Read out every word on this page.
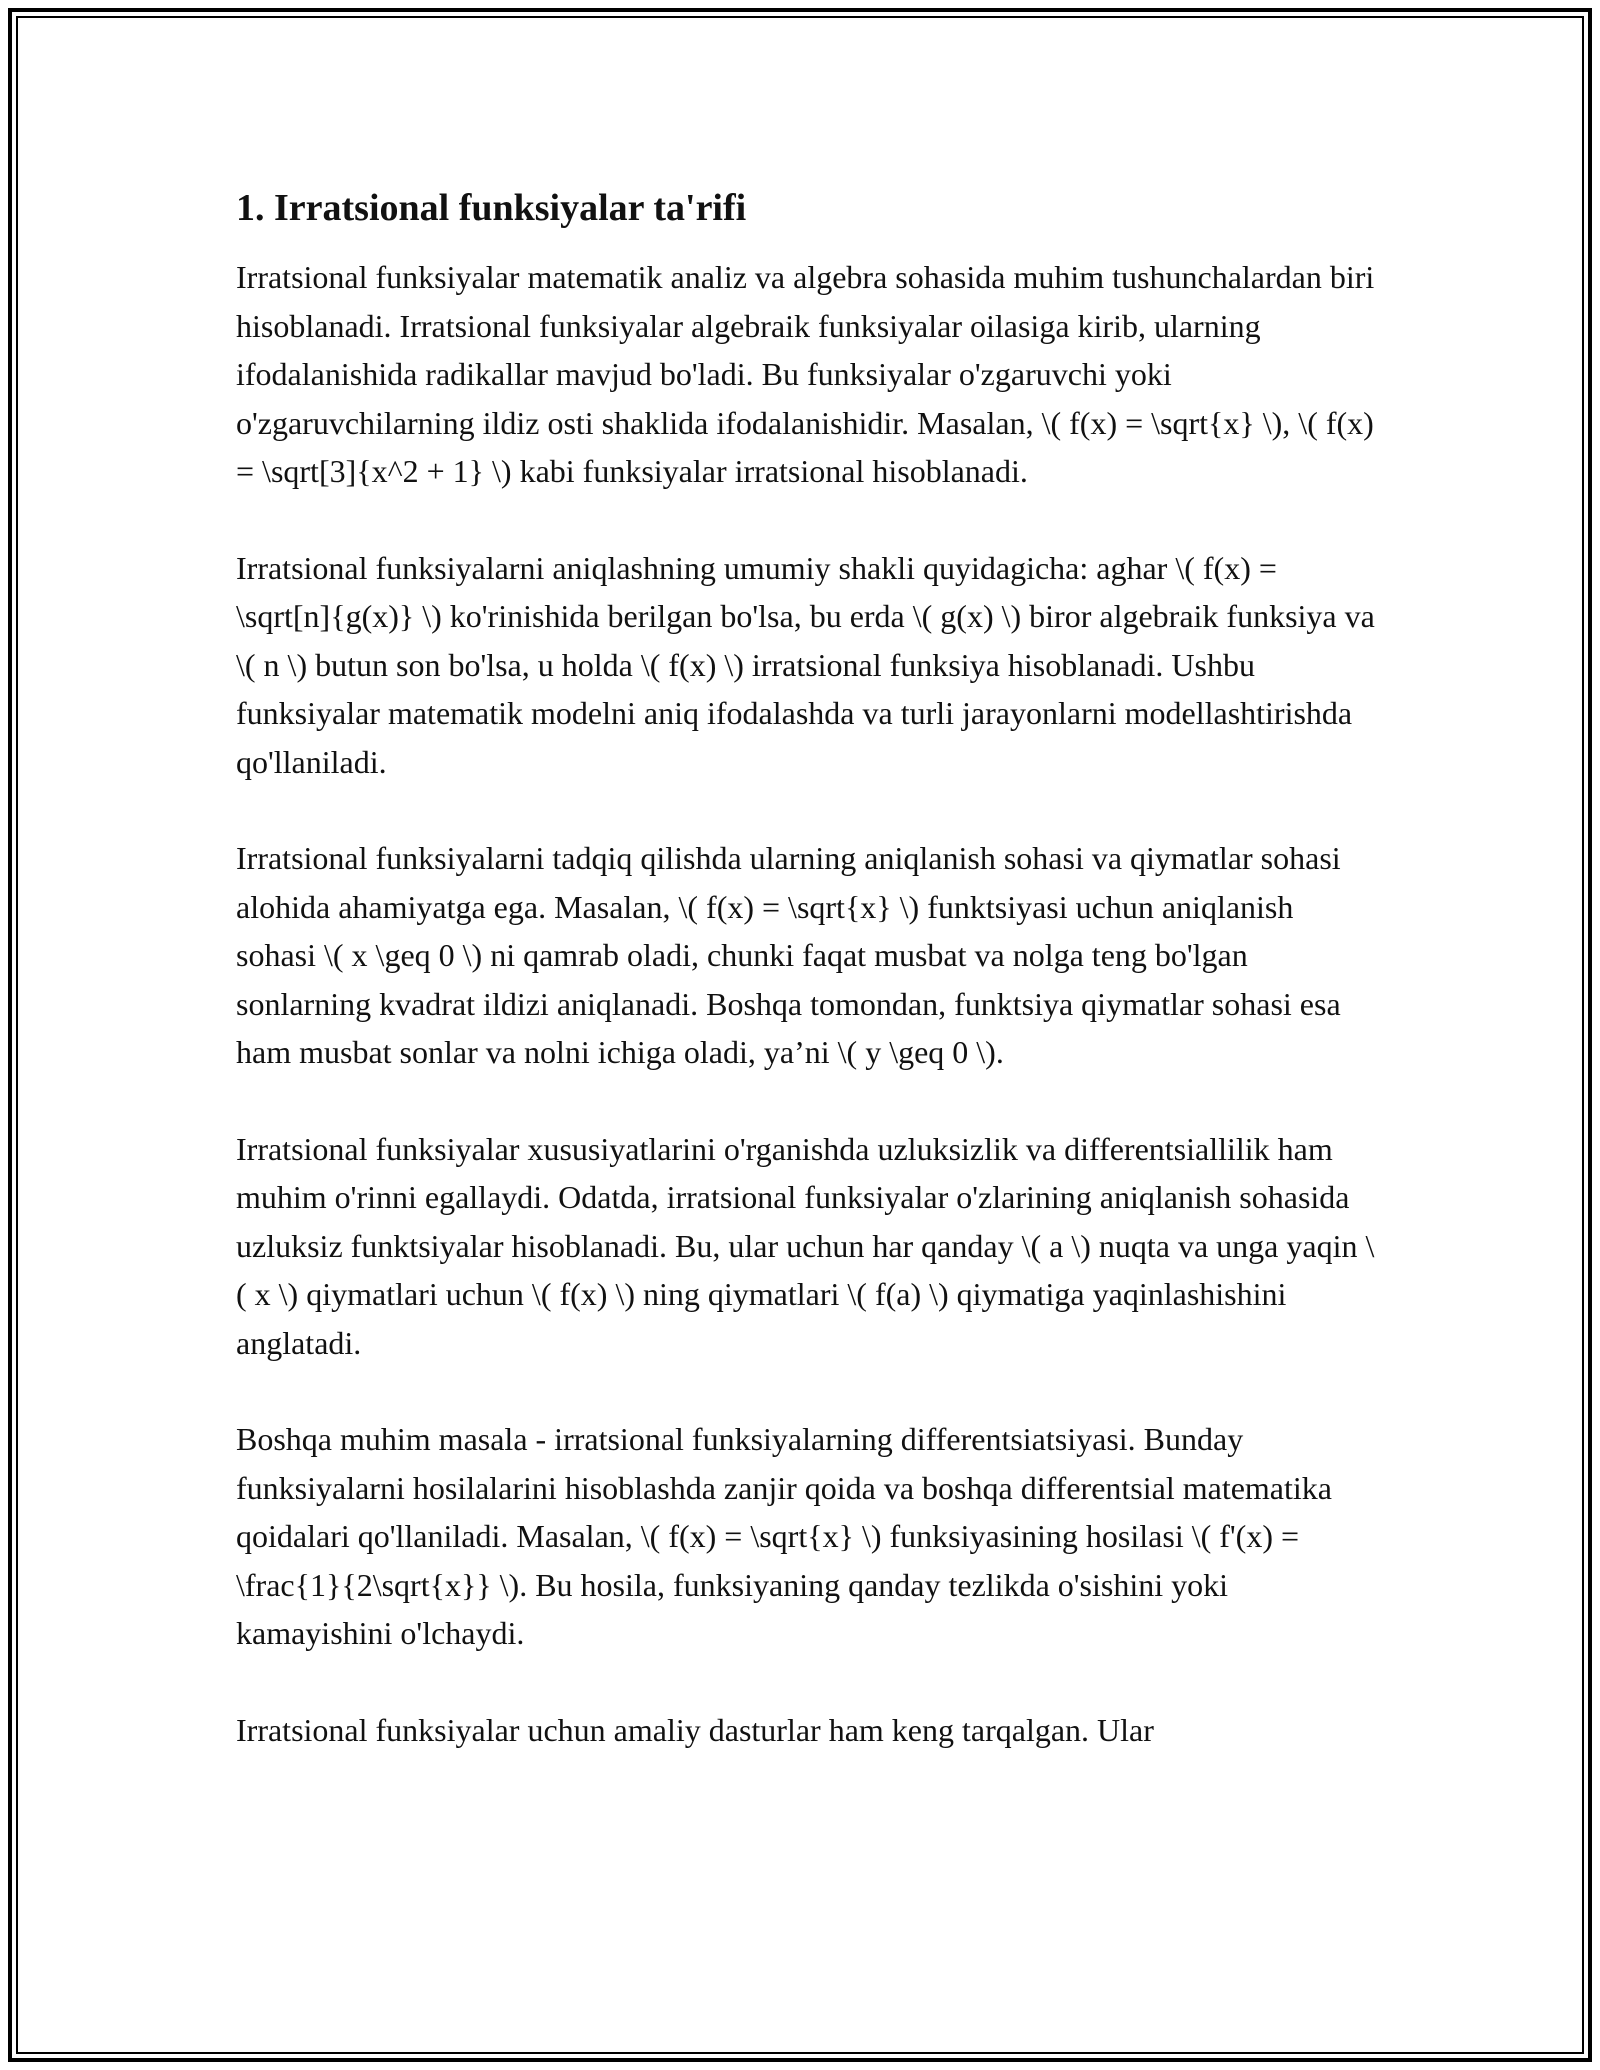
1. Irratsional funksiyalar ta'rifi

Irratsional funksiyalar matematik analiz va algebra sohasida muhim tushunchalardan biri hisoblanadi. Irratsional funksiyalar algebraik funksiyalar oilasiga kirib, ularning ifodalanishida radikallar mavjud bo'ladi. Bu funksiyalar o'zgaruvchi yoki o'zgaruvchilarning ildiz osti shaklida ifodalanishidir. Masalan, \( f(x) = \sqrt{x} \), \( f(x) = \sqrt[3]{x^2 + 1} \) kabi funksiyalar irratsional hisoblanadi.

Irratsional funksiyalarni aniqlashning umumiy shakli quyidagicha: aghar \( f(x) = \sqrt[n]{g(x)} \) ko'rinishida berilgan bo'lsa, bu erda \( g(x) \) biror algebraik funksiya va \( n \) butun son bo'lsa, u holda \( f(x) \) irratsional funksiya hisoblanadi. Ushbu funksiyalar matematik modelni aniq ifodalashda va turli jarayonlarni modellashtirishda qo'llaniladi.

Irratsional funksiyalarni tadqiq qilishda ularning aniqlanish sohasi va qiymatlar sohasi alohida ahamiyatga ega. Masalan, \( f(x) = \sqrt{x} \) funktsiyasi uchun aniqlanish sohasi \( x \geq 0 \) ni qamrab oladi, chunki faqat musbat va nolga teng bo'lgan sonlarning kvadrat ildizi aniqlanadi. Boshqa tomondan, funktsiya qiymatlar sohasi esa ham musbat sonlar va nolni ichiga oladi, ya’ni \( y \geq 0 \).

Irratsional funksiyalar xususiyatlarini o'rganishda uzluksizlik va differentsiallilik ham muhim o'rinni egallaydi. Odatda, irratsional funksiyalar o'zlarining aniqlanish sohasida uzluksiz funktsiyalar hisoblanadi. Bu, ular uchun har qanday \( a \) nuqta va unga yaqin \( x \) qiymatlari uchun \( f(x) \) ning qiymatlari \( f(a) \) qiymatiga yaqinlashishini anglatadi.

Boshqa muhim masala - irratsional funksiyalarning differentsiatsiyasi. Bunday funksiyalarni hosilalarini hisoblashda zanjir qoida va boshqa differentsial matematika qoidalari qo'llaniladi. Masalan, \( f(x) = \sqrt{x} \) funksiyasining hosilasi \( f'(x) = \frac{1}{2\sqrt{x}} \). Bu hosila, funksiyaning qanday tezlikda o'sishini yoki kamayishini o'lchaydi.

Irratsional funksiyalar uchun amaliy dasturlar ham keng tarqalgan. Ular
